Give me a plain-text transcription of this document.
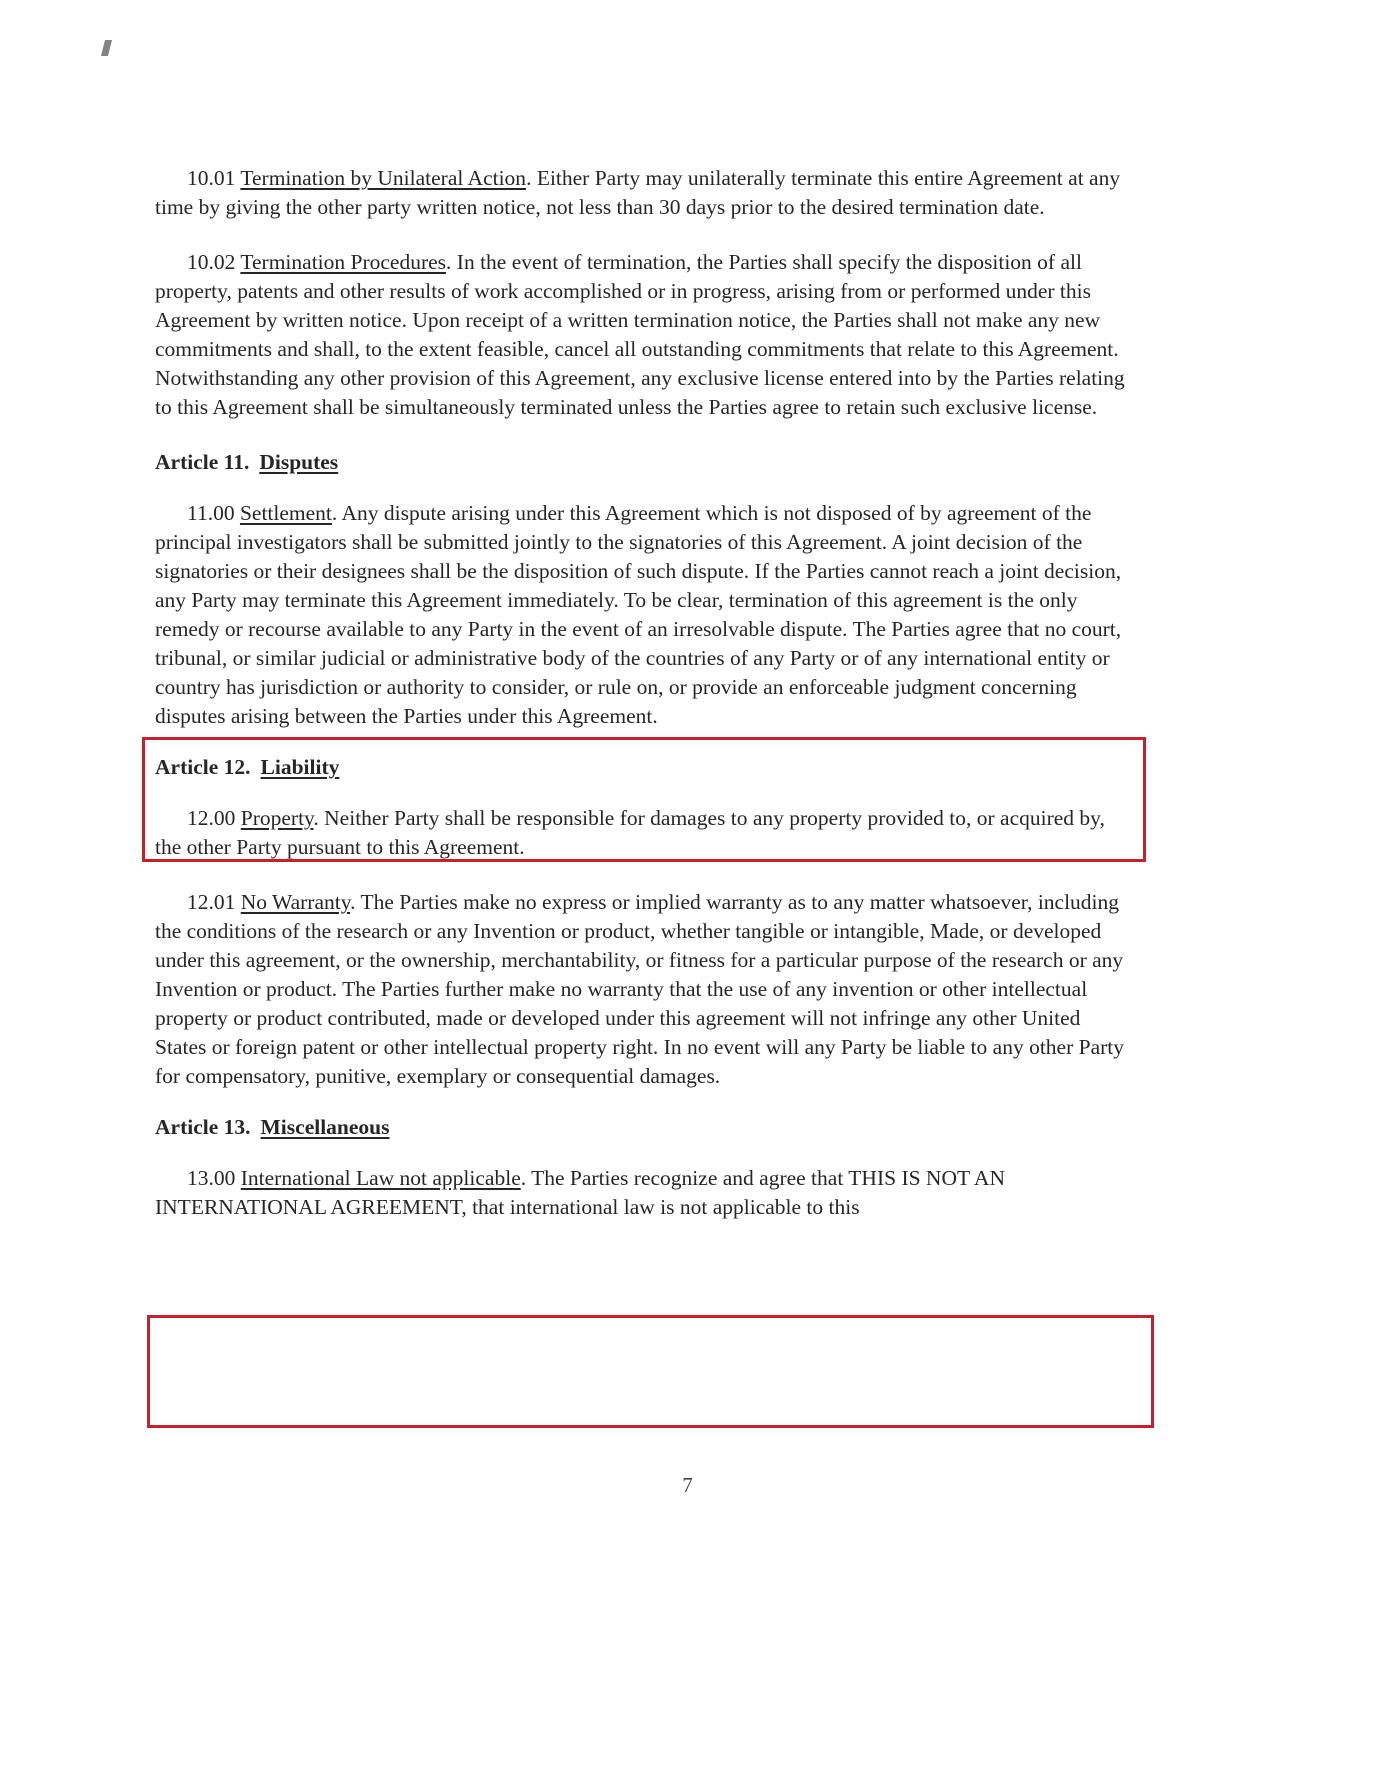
10.01 Termination by Unilateral Action. Either Party may unilaterally terminate this entire Agreement at any time by giving the other party written notice, not less than 30 days prior to the desired termination date.

10.02 Termination Procedures. In the event of termination, the Parties shall specify the disposition of all property, patents and other results of work accomplished or in progress, arising from or performed under this Agreement by written notice. Upon receipt of a written termination notice, the Parties shall not make any new commitments and shall, to the extent feasible, cancel all outstanding commitments that relate to this Agreement. Notwithstanding any other provision of this Agreement, any exclusive license entered into by the Parties relating to this Agreement shall be simultaneously terminated unless the Parties agree to retain such exclusive license.

Article 11. Disputes

11.00 Settlement. Any dispute arising under this Agreement which is not disposed of by agreement of the principal investigators shall be submitted jointly to the signatories of this Agreement. A joint decision of the signatories or their designees shall be the disposition of such dispute. If the Parties cannot reach a joint decision, any Party may terminate this Agreement immediately. To be clear, termination of this agreement is the only remedy or recourse available to any Party in the event of an irresolvable dispute. The Parties agree that no court, tribunal, or similar judicial or administrative body of the countries of any Party or of any international entity or country has jurisdiction or authority to consider, or rule on, or provide an enforceable judgment concerning disputes arising between the Parties under this Agreement.

Article 12. Liability

12.00 Property. Neither Party shall be responsible for damages to any property provided to, or acquired by, the other Party pursuant to this Agreement.

12.01 No Warranty. The Parties make no express or implied warranty as to any matter whatsoever, including the conditions of the research or any Invention or product, whether tangible or intangible, Made, or developed under this agreement, or the ownership, merchantability, or fitness for a particular purpose of the research or any Invention or product. The Parties further make no warranty that the use of any invention or other intellectual property or product contributed, made or developed under this agreement will not infringe any other United States or foreign patent or other intellectual property right. In no event will any Party be liable to any other Party for compensatory, punitive, exemplary or consequential damages.

Article 13. Miscellaneous

13.00 International Law not applicable. The Parties recognize and agree that THIS IS NOT AN INTERNATIONAL AGREEMENT, that international law is not applicable to this

7
